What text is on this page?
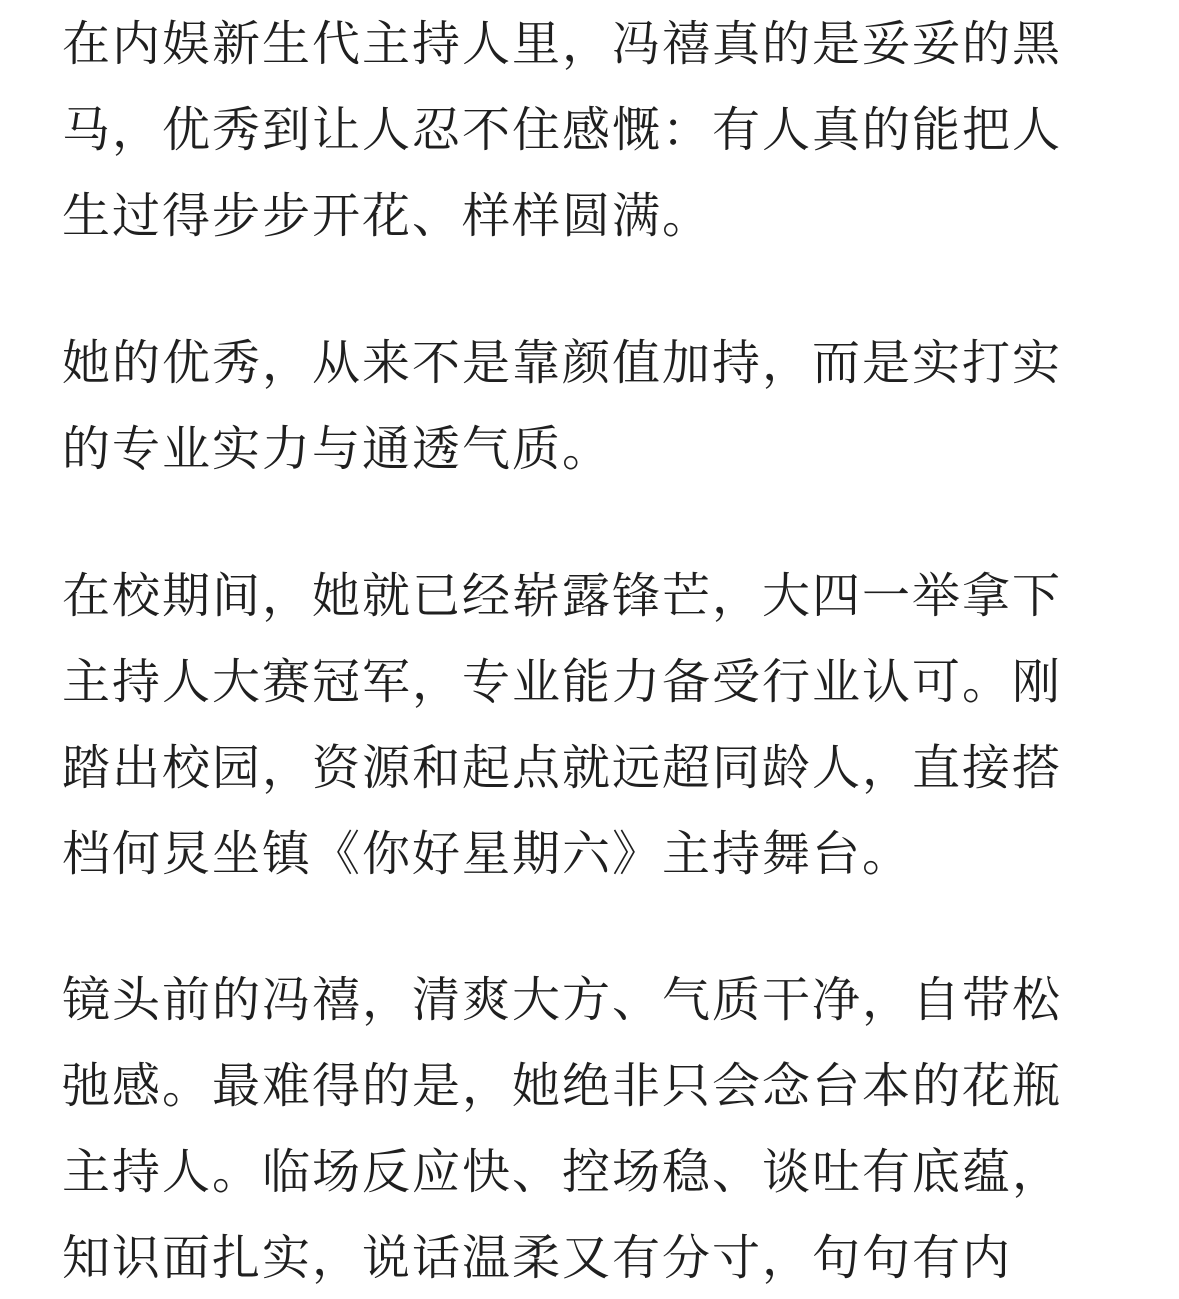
在内娱新生代主持人里，冯禧真的是妥妥的黑
马，优秀到让人忍不住感慨：有人真的能把人
生过得步步开花、样样圆满。
她的优秀，从来不是靠颜值加持，而是实打实
的专业实力与通透气质。
在校期间，她就已经崭露锋芒，大四一举拿下
主持人大赛冠军，专业能力备受行业认可。刚
踏出校园，资源和起点就远超同龄人，直接搭
档何炅坐镇《你好星期六》主持舞台。
镜头前的冯禧，清爽大方、气质干净，自带松
弛感。最难得的是，她绝非只会念台本的花瓶
主持人。临场反应快、控场稳、谈吐有底蕴，
知识面扎实，说话温柔又有分寸，句句有内
